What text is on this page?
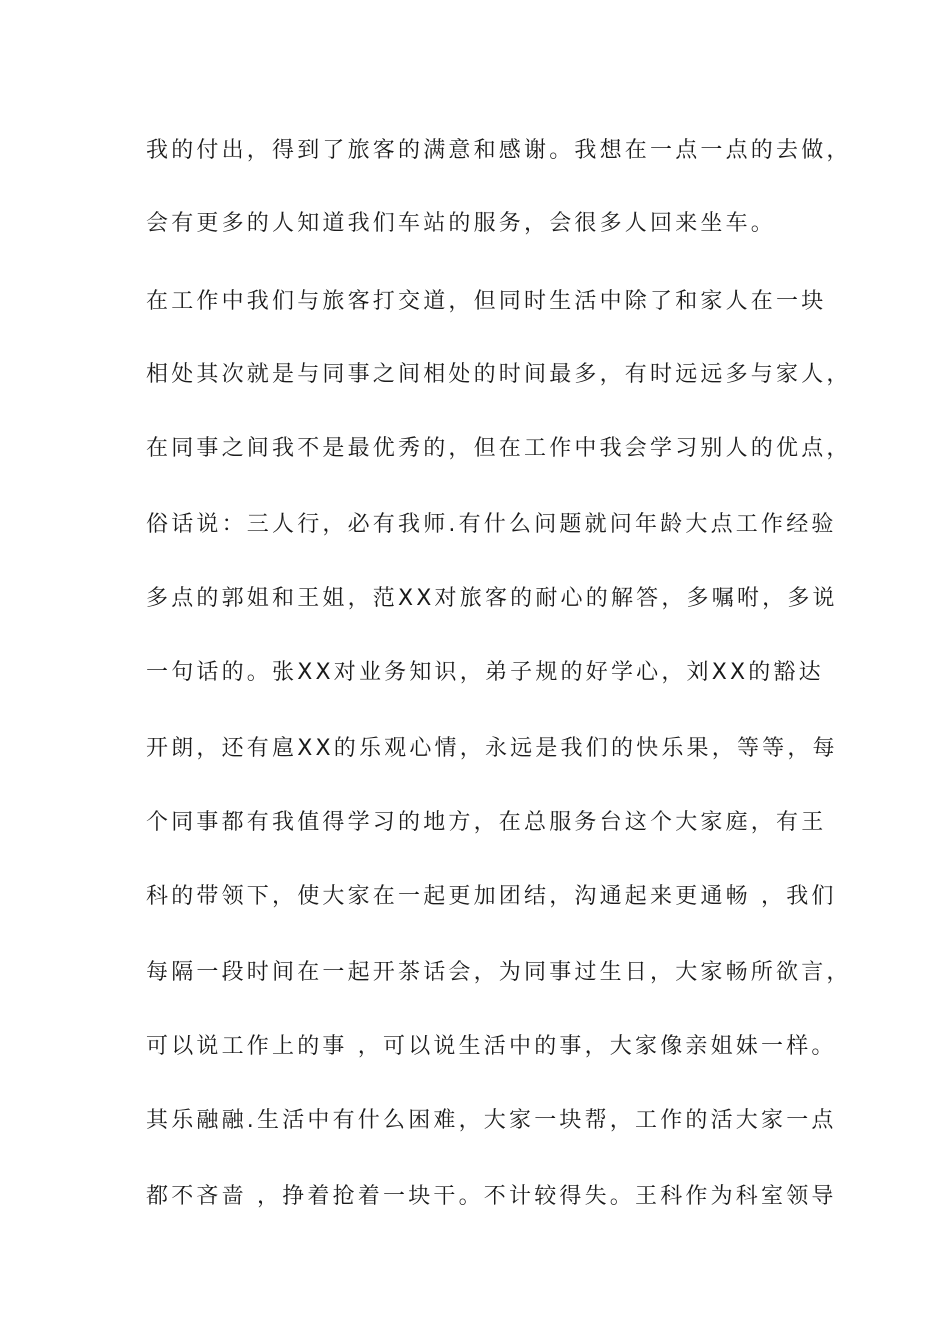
我的付出，得到了旅客的满意和感谢。我想在一点一点的去做，
会有更多的人知道我们车站的服务，会很多人回来坐车。
在工作中我们与旅客打交道，但同时生活中除了和家人在一块
相处其次就是与同事之间相处的时间最多，有时远远多与家人，
在同事之间我不是最优秀的，但在工作中我会学习别人的优点，
俗话说：三人行，必有我师.有什么问题就问年龄大点工作经验
多点的郭姐和王姐，范XX对旅客的耐心的解答，多嘱咐，多说
一句话的。张XX对业务知识，弟子规的好学心，刘XX的豁达
开朗，还有扈XX的乐观心情，永远是我们的快乐果，等等，每
个同事都有我值得学习的地方，在总服务台这个大家庭，有王
科的带领下，使大家在一起更加团结，沟通起来更通畅 ，我们
每隔一段时间在一起开茶话会，为同事过生日，大家畅所欲言，
可以说工作上的事 ，可以说生活中的事，大家像亲姐妹一样。
其乐融融.生活中有什么困难，大家一块帮，工作的活大家一点
都不吝啬 ，挣着抢着一块干。不计较得失。王科作为科室领导
